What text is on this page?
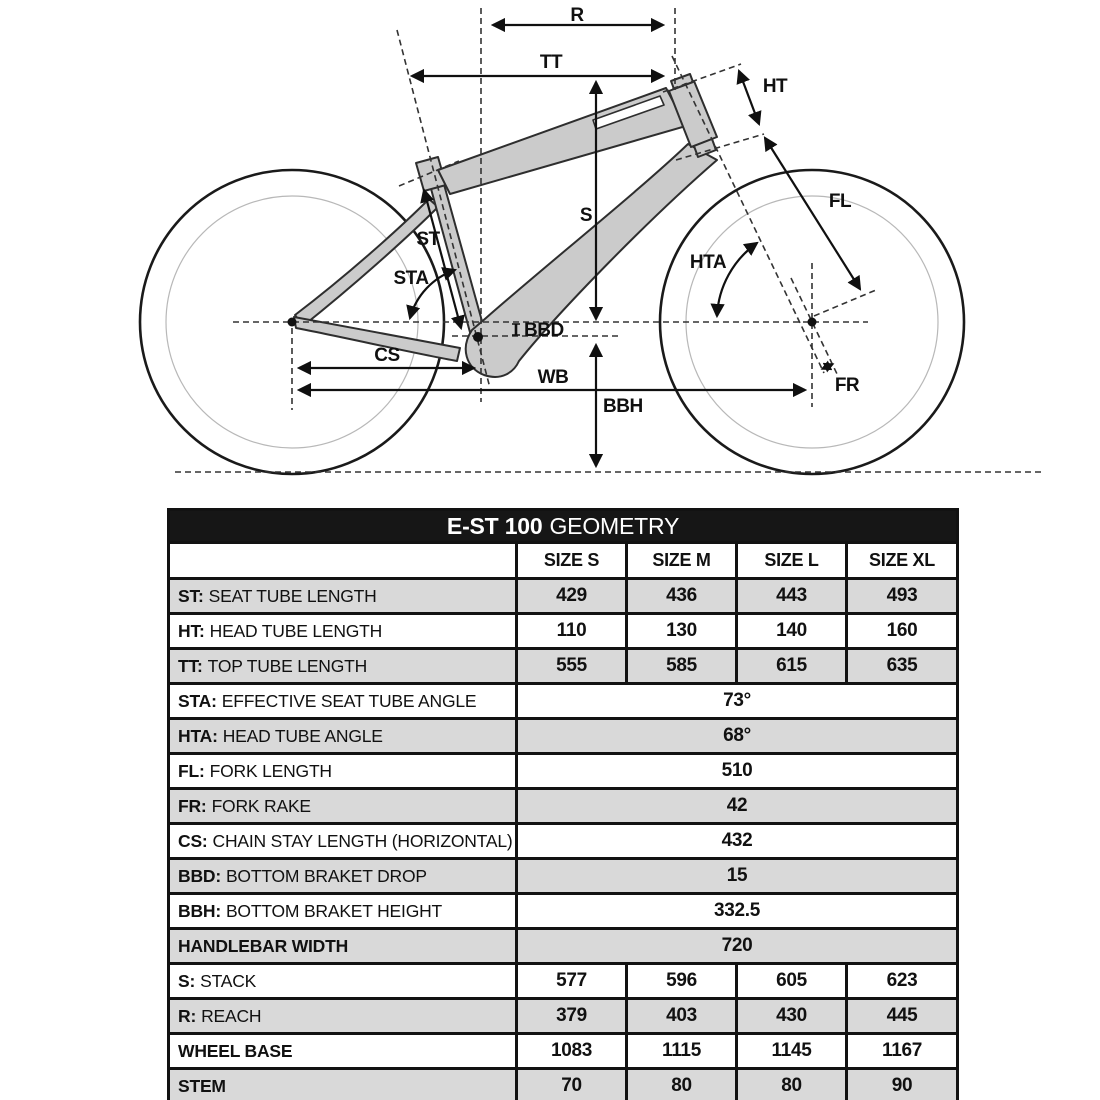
R
TT
HT
FL
S
ST
STA
HTA
BBD
CS
WB
BBH
FR
E-ST 100 GEOMETRY				
	SIZE S	SIZE M	SIZE L	SIZE XL
ST: SEAT TUBE LENGTH	429	436	443	493
HT: HEAD TUBE LENGTH	110	130	140	160
TT: TOP TUBE LENGTH	555	585	615	635
STA: EFFECTIVE SEAT TUBE ANGLE	73°			
HTA: HEAD TUBE ANGLE	68°			
FL: FORK LENGTH	510			
FR: FORK RAKE	42			
CS: CHAIN STAY LENGTH (HORIZONTAL)	432			
BBD: BOTTOM BRAKET DROP	15			
BBH: BOTTOM BRAKET HEIGHT	332.5			
HANDLEBAR WIDTH	720			
S: STACK	577	596	605	623
R: REACH	379	403	430	445
WHEEL BASE	1083	1115	1145	1167
STEM	70	80	80	90
